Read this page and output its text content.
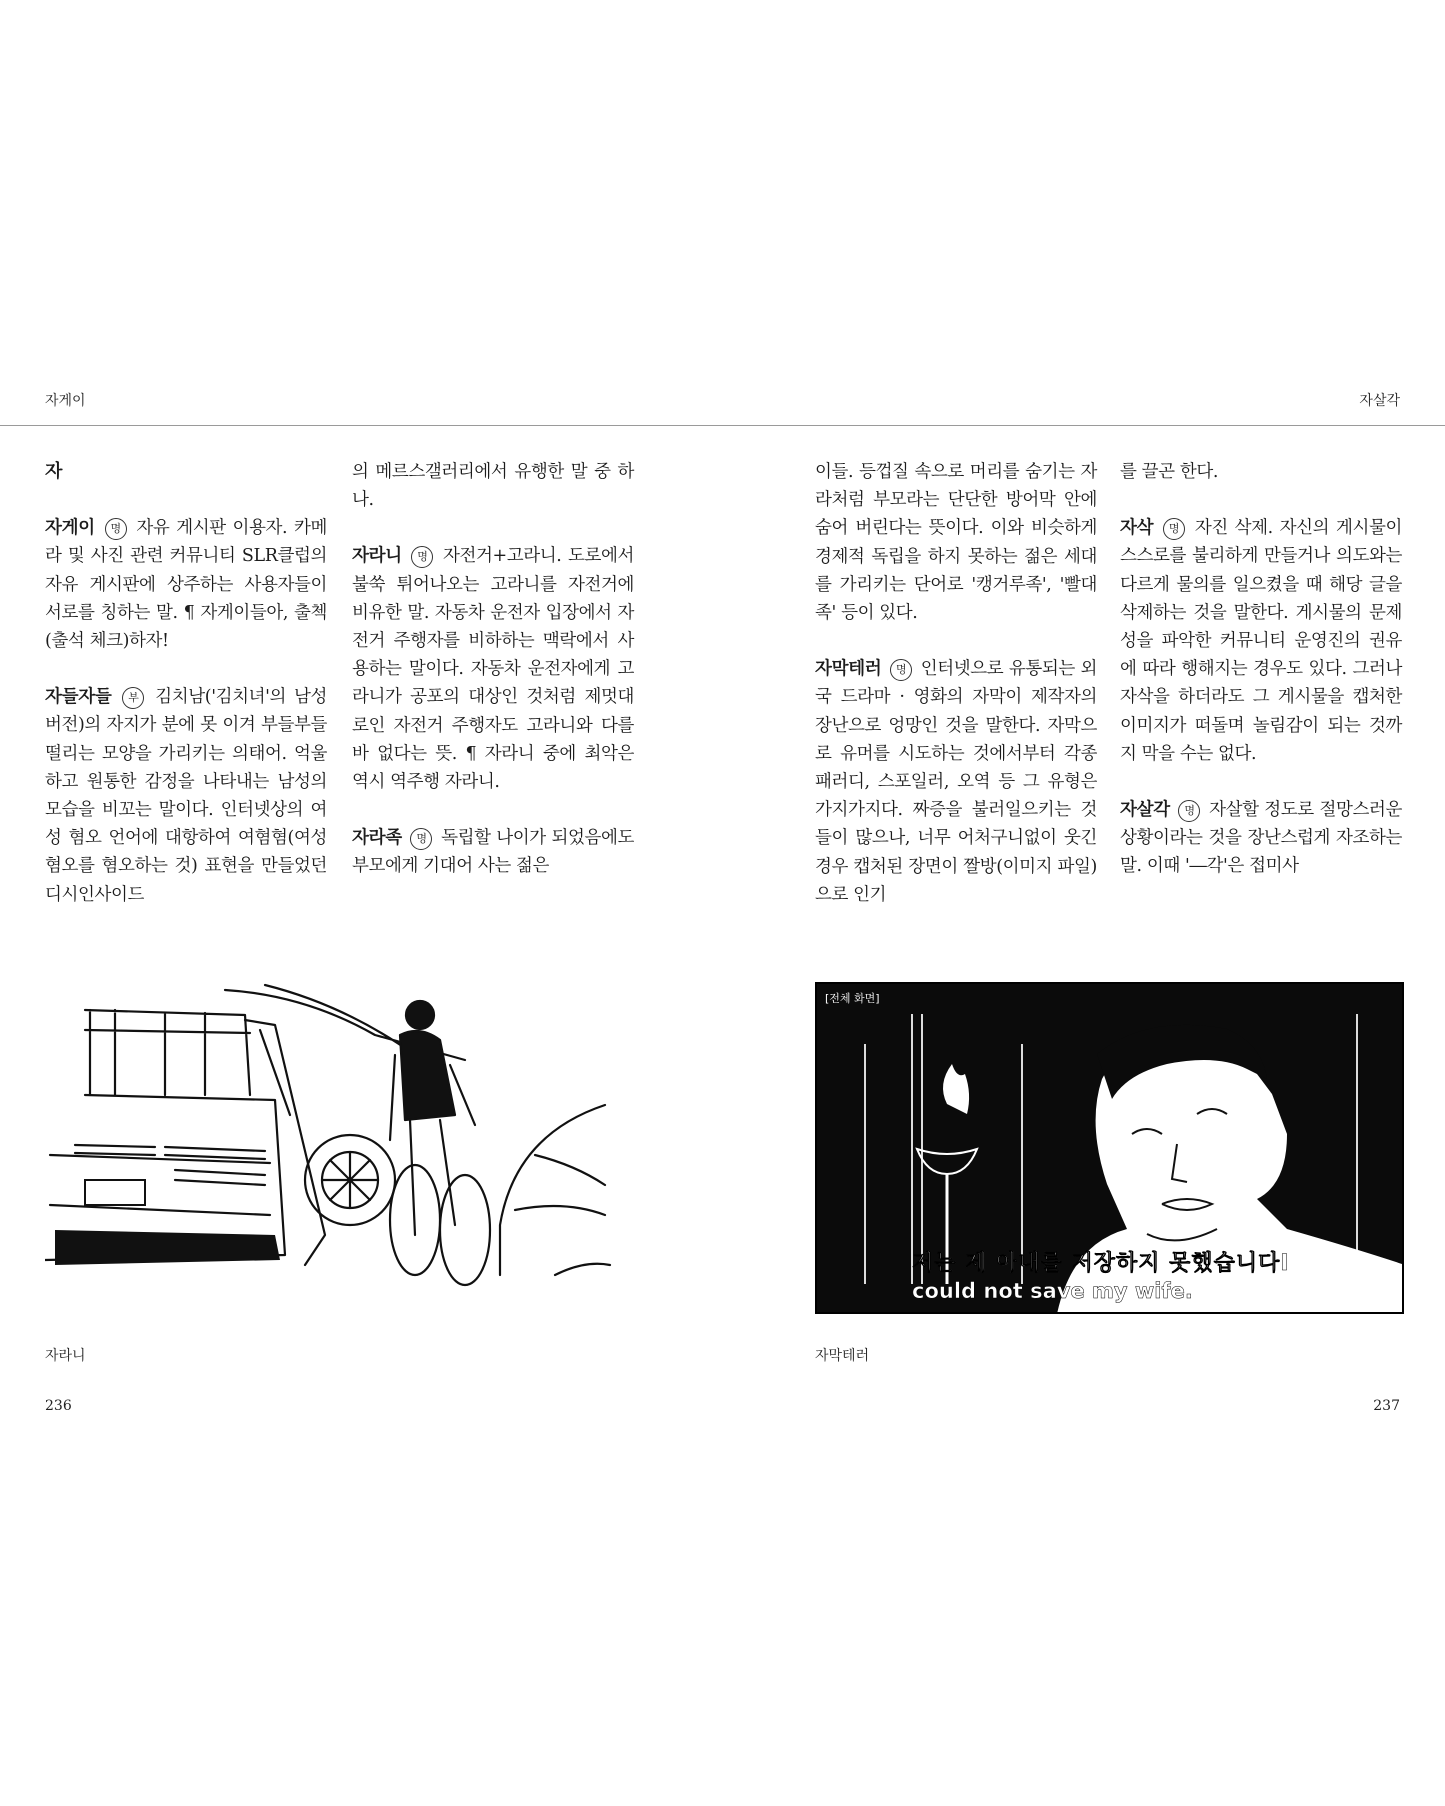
자게이	자살각
자

자게이 명 자유 게시판 이용자. 카메라 및 사진 관련 커뮤니티 SLR클럽의 자유 게시판에 상주하는 사용자들이 서로를 칭하는 말. ¶ 자게이들아, 출첵(출석 체크)하자!

자들자들 부 김치남('김치녀'의 남성 버전)의 자지가 분에 못 이겨 부들부들 떨리는 모양을 가리키는 의태어. 억울하고 원통한 감정을 나타내는 남성의 모습을 비꼬는 말이다. 인터넷상의 여성 혐오 언어에 대항하여 여혐혐(여성 혐오를 혐오하는 것) 표현을 만들었던 디시인사이드

의 메르스갤러리에서 유행한 말 중 하나.

자라니 명 자전거+고라니. 도로에서 불쑥 튀어나오는 고라니를 자전거에 비유한 말. 자동차 운전자 입장에서 자전거 주행자를 비하하는 맥락에서 사용하는 말이다. 자동차 운전자에게 고라니가 공포의 대상인 것처럼 제멋대로인 자전거 주행자도 고라니와 다를 바 없다는 뜻. ¶ 자라니 중에 최악은 역시 역주행 자라니.

자라족 명 독립할 나이가 되었음에도 부모에게 기대어 사는 젊은

이들. 등껍질 속으로 머리를 숨기는 자라처럼 부모라는 단단한 방어막 안에 숨어 버린다는 뜻이다. 이와 비슷하게 경제적 독립을 하지 못하는 젊은 세대를 가리키는 단어로 '캥거루족', '빨대족' 등이 있다.

자막테러 명 인터넷으로 유통되는 외국 드라마 · 영화의 자막이 제작자의 장난으로 엉망인 것을 말한다. 자막으로 유머를 시도하는 것에서부터 각종 패러디, 스포일러, 오역 등 그 유형은 가지가지다. 짜증을 불러일으키는 것들이 많으나, 너무 어처구니없이 웃긴 경우 캡처된 장면이 짤방(이미지 파일)으로 인기

를 끌곤 한다.

자삭 명 자진 삭제. 자신의 게시물이 스스로를 불리하게 만들거나 의도와는 다르게 물의를 일으켰을 때 해당 글을 삭제하는 것을 말한다. 게시물의 문제성을 파악한 커뮤니티 운영진의 권유에 따라 행해지는 경우도 있다. 그러나 자삭을 하더라도 그 게시물을 캡처한 이미지가 떠돌며 놀림감이 되는 것까지 막을 수는 없다.

자살각 명 자살할 정도로 절망스러운 상황이라는 것을 장난스럽게 자조하는 말. 이때 '―각'은 접미사

[전체 화면]
저는 제 아내를 저장하지 못했습니다I
could not save my wife.
자라니	자막테러
236	237
